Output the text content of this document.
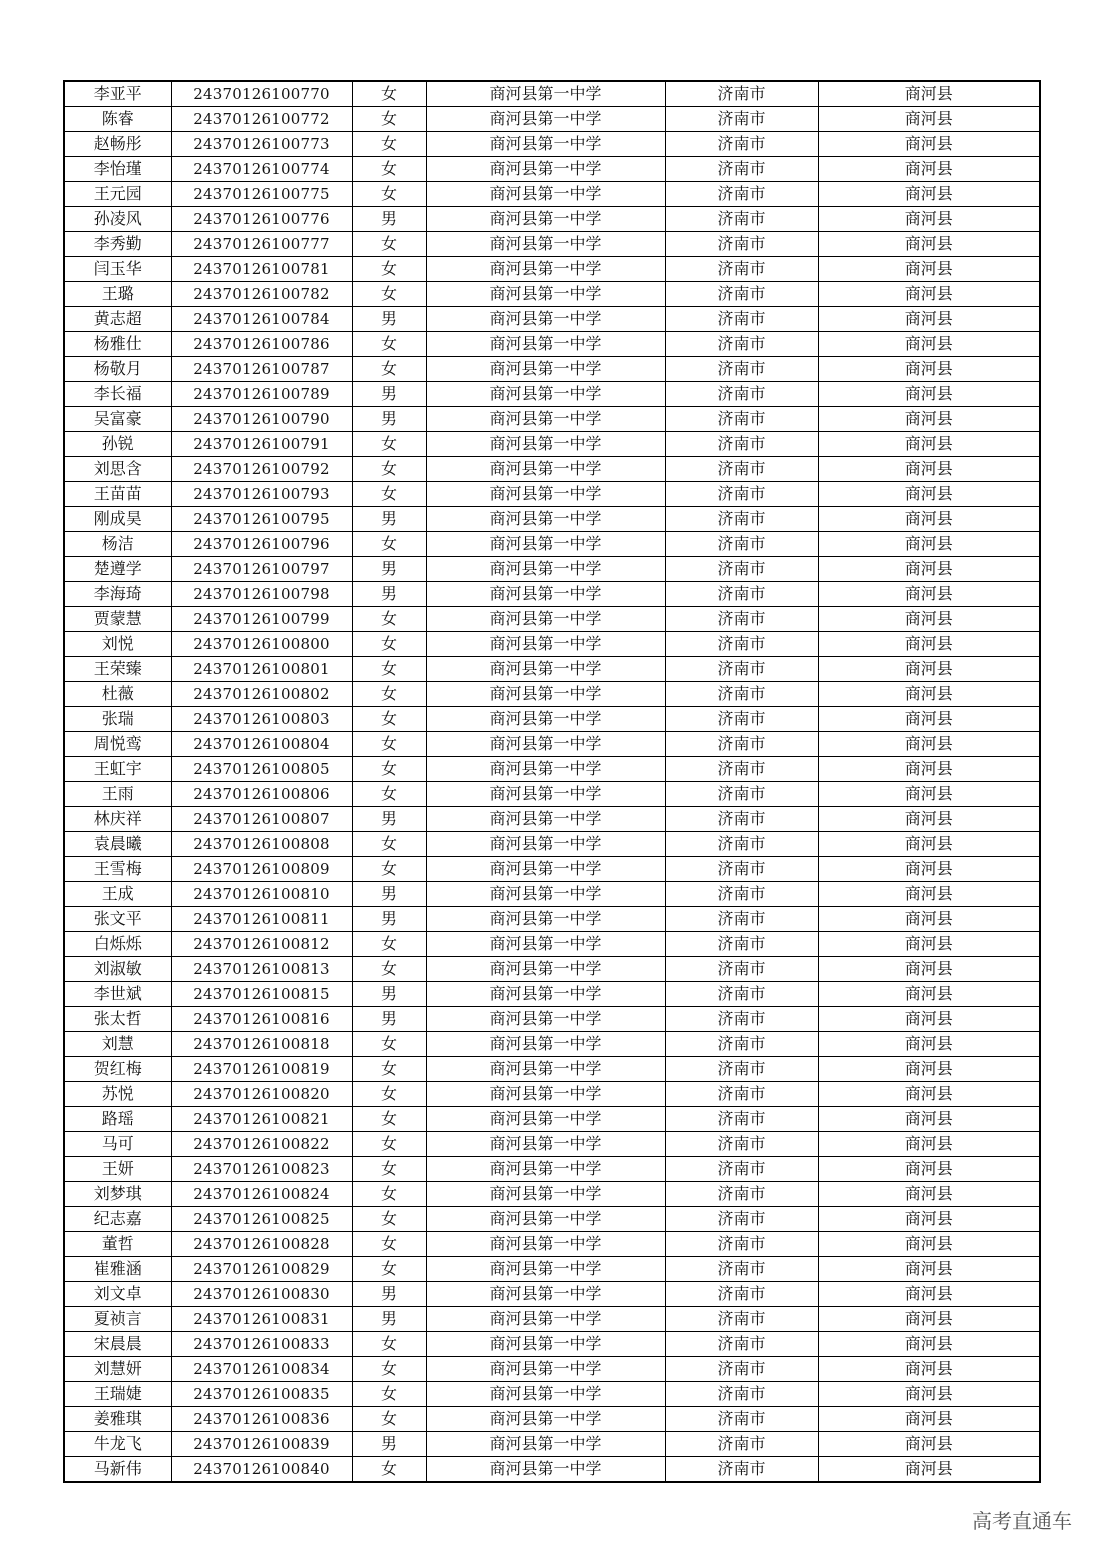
李亚平	24370126100770	女	商河县第一中学	济南市	商河县
陈睿	24370126100772	女	商河县第一中学	济南市	商河县
赵畅彤	24370126100773	女	商河县第一中学	济南市	商河县
李怡瑾	24370126100774	女	商河县第一中学	济南市	商河县
王元园	24370126100775	女	商河县第一中学	济南市	商河县
孙凌风	24370126100776	男	商河县第一中学	济南市	商河县
李秀勤	24370126100777	女	商河县第一中学	济南市	商河县
闫玉华	24370126100781	女	商河县第一中学	济南市	商河县
王璐	24370126100782	女	商河县第一中学	济南市	商河县
黄志超	24370126100784	男	商河县第一中学	济南市	商河县
杨雅仕	24370126100786	女	商河县第一中学	济南市	商河县
杨敬月	24370126100787	女	商河县第一中学	济南市	商河县
李长福	24370126100789	男	商河县第一中学	济南市	商河县
吴富豪	24370126100790	男	商河县第一中学	济南市	商河县
孙锐	24370126100791	女	商河县第一中学	济南市	商河县
刘思含	24370126100792	女	商河县第一中学	济南市	商河县
王苗苗	24370126100793	女	商河县第一中学	济南市	商河县
刚成昊	24370126100795	男	商河县第一中学	济南市	商河县
杨洁	24370126100796	女	商河县第一中学	济南市	商河县
楚遵学	24370126100797	男	商河县第一中学	济南市	商河县
李海琦	24370126100798	男	商河县第一中学	济南市	商河县
贾蒙慧	24370126100799	女	商河县第一中学	济南市	商河县
刘悦	24370126100800	女	商河县第一中学	济南市	商河县
王荣臻	24370126100801	女	商河县第一中学	济南市	商河县
杜薇	24370126100802	女	商河县第一中学	济南市	商河县
张瑞	24370126100803	女	商河县第一中学	济南市	商河县
周悦鸾	24370126100804	女	商河县第一中学	济南市	商河县
王虹宇	24370126100805	女	商河县第一中学	济南市	商河县
王雨	24370126100806	女	商河县第一中学	济南市	商河县
林庆祥	24370126100807	男	商河县第一中学	济南市	商河县
袁晨曦	24370126100808	女	商河县第一中学	济南市	商河县
王雪梅	24370126100809	女	商河县第一中学	济南市	商河县
王成	24370126100810	男	商河县第一中学	济南市	商河县
张文平	24370126100811	男	商河县第一中学	济南市	商河县
白烁烁	24370126100812	女	商河县第一中学	济南市	商河县
刘淑敏	24370126100813	女	商河县第一中学	济南市	商河县
李世斌	24370126100815	男	商河县第一中学	济南市	商河县
张太哲	24370126100816	男	商河县第一中学	济南市	商河县
刘慧	24370126100818	女	商河县第一中学	济南市	商河县
贺红梅	24370126100819	女	商河县第一中学	济南市	商河县
苏悦	24370126100820	女	商河县第一中学	济南市	商河县
路瑶	24370126100821	女	商河县第一中学	济南市	商河县
马可	24370126100822	女	商河县第一中学	济南市	商河县
王妍	24370126100823	女	商河县第一中学	济南市	商河县
刘梦琪	24370126100824	女	商河县第一中学	济南市	商河县
纪志嘉	24370126100825	女	商河县第一中学	济南市	商河县
董哲	24370126100828	女	商河县第一中学	济南市	商河县
崔雅涵	24370126100829	女	商河县第一中学	济南市	商河县
刘文卓	24370126100830	男	商河县第一中学	济南市	商河县
夏祯言	24370126100831	男	商河县第一中学	济南市	商河县
宋晨晨	24370126100833	女	商河县第一中学	济南市	商河县
刘慧妍	24370126100834	女	商河县第一中学	济南市	商河县
王瑞婕	24370126100835	女	商河县第一中学	济南市	商河县
姜雅琪	24370126100836	女	商河县第一中学	济南市	商河县
牛龙飞	24370126100839	男	商河县第一中学	济南市	商河县
马新伟	24370126100840	女	商河县第一中学	济南市	商河县
高考直通车
